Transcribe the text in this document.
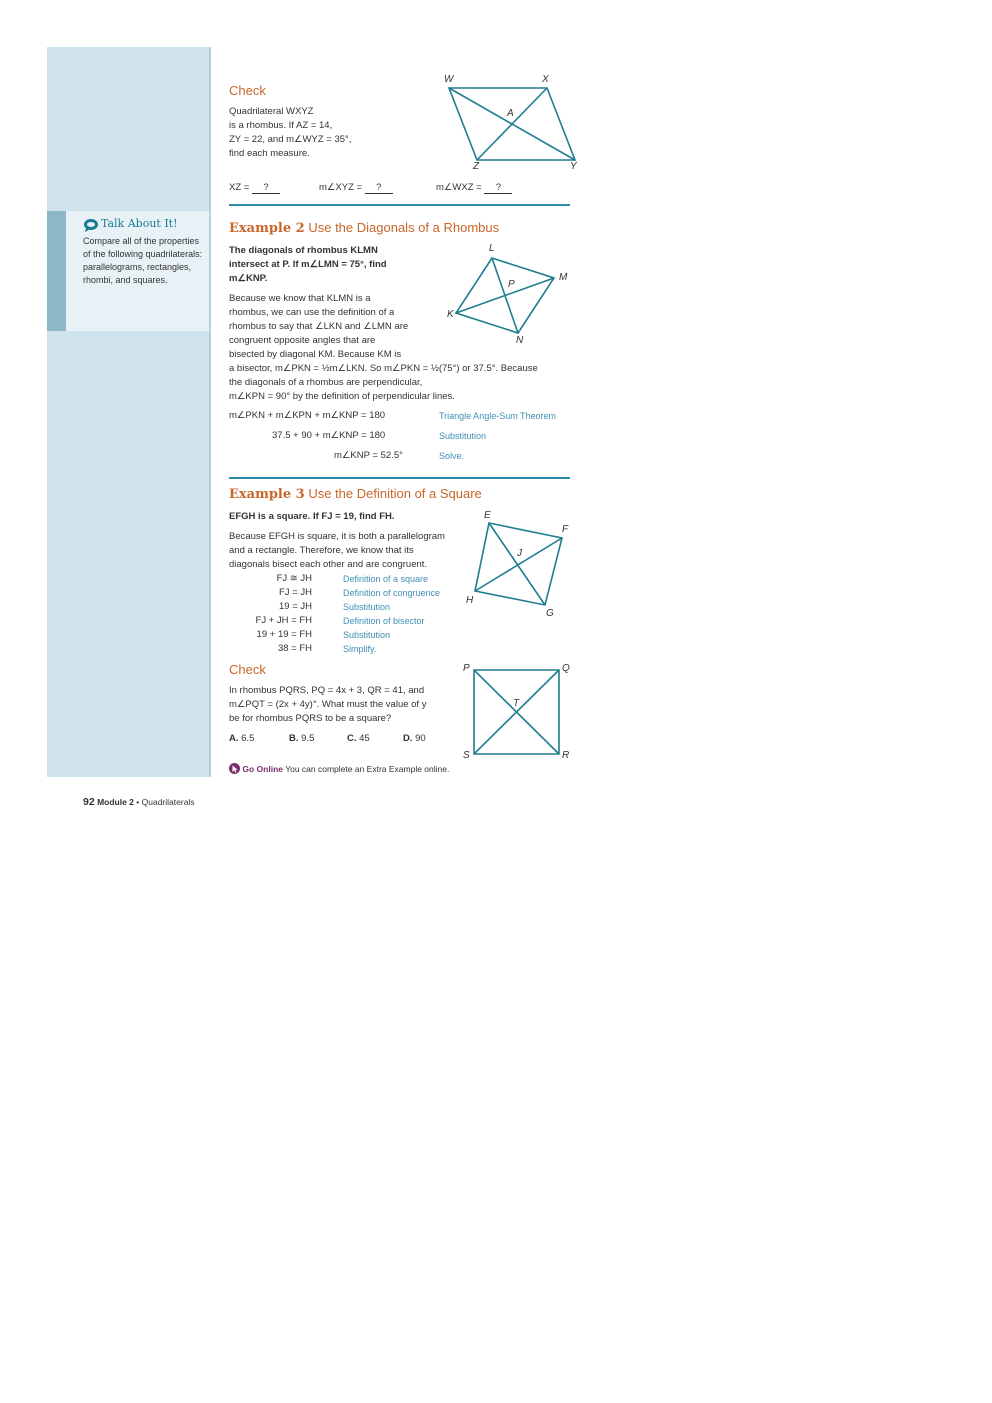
Talk About It!
Compare all of the properties of the following quadrilaterals: parallelograms, rectangles, rhombi, and squares.
Check
Quadrilateral WXYZ
is a rhombus. If AZ = 14,
ZY = 22, and m∠WYZ = 35°,
find each measure.
W	X
Y
Z
A
XZ = ?	m∠XYZ = ?	m∠WXZ = ?
Example 2 Use the Diagonals of a Rhombus
The diagonals of rhombus KLMN
intersect at P. If m∠LMN = 75°, find
m∠KNP.
Because we know that KLMN is a
rhombus, we can use the definition of a
rhombus to say that ∠LKN and ∠LMN are
congruent opposite angles that are
bisected by diagonal KM. Because KM is
a bisector, m∠PKN = ½m∠LKN. So m∠PKN = ½(75°) or 37.5°. Because
the diagonals of a rhombus are perpendicular,
m∠KPN = 90° by the definition of perpendicular lines.
L
M
N
K
P
m∠PKN + m∠KPN + m∠KNP = 180	Triangle Angle-Sum Theorem
37.5 + 90 + m∠KNP = 180	Substitution
m∠KNP = 52.5°	Solve.
Example 3 Use the Definition of a Square
EFGH is a square. If FJ = 19, find FH.
Because EFGH is square, it is both a parallelogram
and a rectangle. Therefore, we know that its
diagonals bisect each other and are congruent.
FJ ≅ JH	Definition of a square
FJ = JH	Definition of congruence
19 = JH	Substitution
FJ + JH = FH	Definition of bisector
19 + 19 = FH	Substitution
38 = FH	Simplify.
E
F
G
H
J
Check
In rhombus PQRS, PQ = 4x + 3, QR = 41, and
m∠PQT = (2x + 4y)°. What must the value of y
be for rhombus PQRS to be a square?
A. 6.5	B. 9.5	C. 45	D. 90
P	Q
R
S
T
Go Online You can complete an Extra Example online.
92 Module 2 • Quadrilaterals
